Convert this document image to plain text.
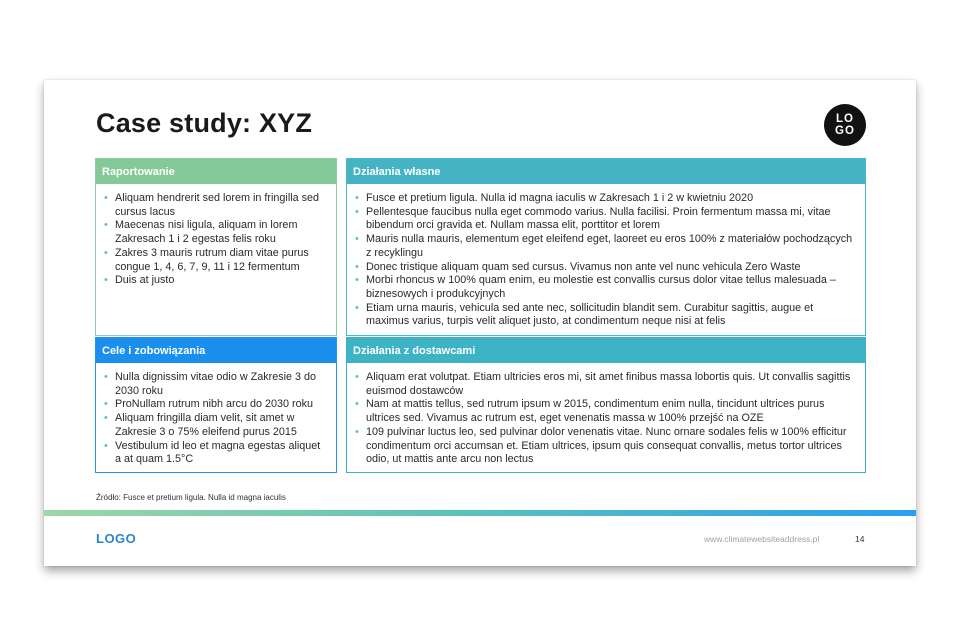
Case study: XYZ	LO
GO
Raportowanie
• Aliquam hendrerit sed lorem in fringilla sed cursus lacus
• Maecenas nisi ligula, aliquam in lorem Zakresach 1 i 2 egestas felis roku
• Zakres 3 mauris rutrum diam vitae purus congue 1, 4, 6, 7, 9, 11 i 12 fermentum
• Duis at justo
Działania własne
• Fusce et pretium ligula. Nulla id magna iaculis w Zakresach 1 i 2 w kwietniu 2020
• Pellentesque faucibus nulla eget commodo varius. Nulla facilisi. Proin fermentum massa mi, vitae bibendum orci gravida et. Nullam massa elit, porttitor et lorem
• Mauris nulla mauris, elementum eget eleifend eget, laoreet eu eros 100% z materiałów pochodzących z recyklingu
• Donec tristique aliquam quam sed cursus. Vivamus non ante vel nunc vehicula Zero Waste
• Morbi rhoncus w 100% quam enim, eu molestie est convallis cursus dolor vitae tellus malesuada – biznesowych i produkcyjnych
• Etiam urna mauris, vehicula sed ante nec, sollicitudin blandit sem. Curabitur sagittis, augue et maximus varius, turpis velit aliquet justo, at condimentum neque nisi at felis
Cele i zobowiązania
• Nulla dignissim vitae odio w Zakresie 3 do 2030 roku
• ProNullam rutrum nibh arcu do 2030 roku
• Aliquam fringilla diam velit, sit amet w Zakresie 3 o 75% eleifend purus 2015
• Vestibulum id leo et magna egestas aliquet a at quam 1.5°C
Działania z dostawcami
• Aliquam erat volutpat. Etiam ultricies eros mi, sit amet finibus massa lobortis quis. Ut convallis sagittis euismod dostawców
• Nam at mattis tellus, sed rutrum ipsum w 2015, condimentum enim nulla, tincidunt ultrices purus ultrices sed. Vivamus ac rutrum est, eget venenatis massa w 100% przejść na OZE
• 109 pulvinar luctus leo, sed pulvinar dolor venenatis vitae. Nunc ornare sodales felis w 100% efficitur condimentum orci accumsan et. Etiam ultrices, ipsum quis consequat convallis, metus tortor ultrices odio, ut mattis ante arcu non lectus
Źródło: Fusce et pretium ligula. Nulla id magna iaculis
LOGO	www.climatewebsiteaddress.pl	14
